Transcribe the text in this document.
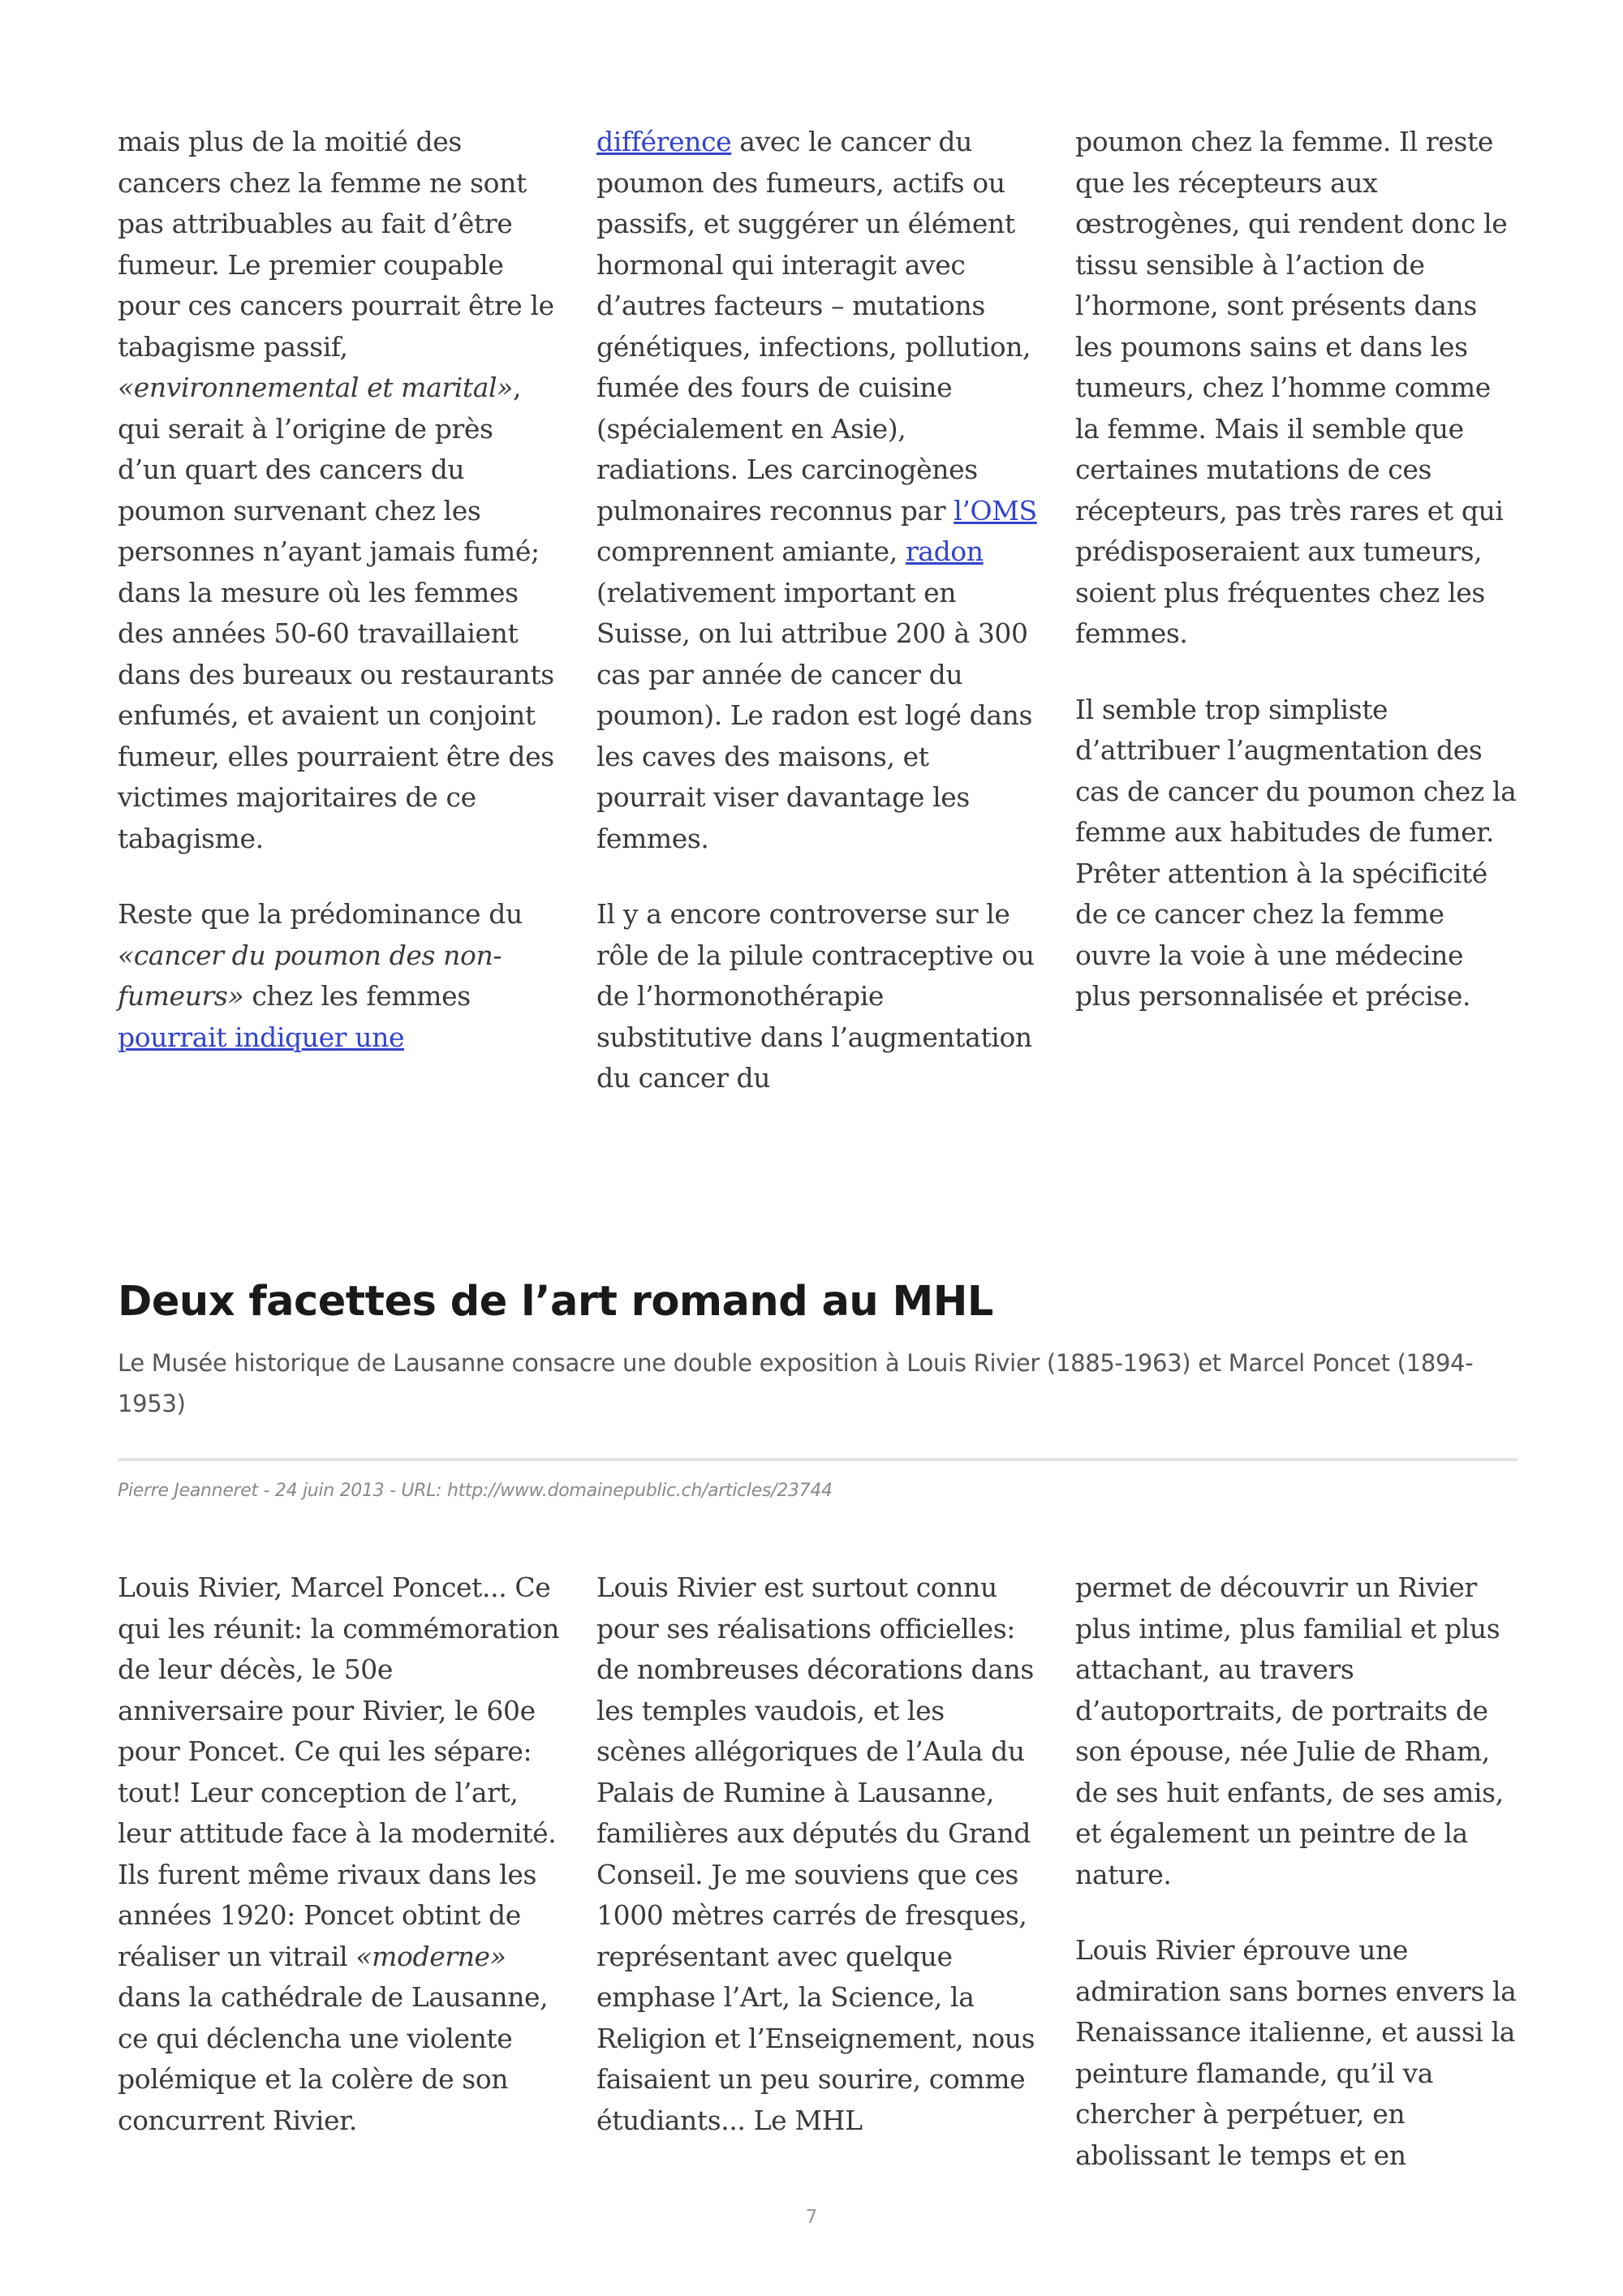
mais plus de la moitié des cancers chez la femme ne sont pas attribuables au fait d’être fumeur. Le premier coupable pour ces cancers pourrait être le tabagisme passif, «environnemental et marital», qui serait à l’origine de près d’un quart des cancers du poumon survenant chez les personnes n’ayant jamais fumé; dans la mesure où les femmes des années 50-60 travaillaient dans des bureaux ou restaurants enfumés, et avaient un conjoint fumeur, elles pourraient être des victimes majoritaires de ce tabagisme.

Reste que la prédominance du «cancer du poumon des non-fumeurs» chez les femmes pourrait indiquer une

différence avec le cancer du poumon des fumeurs, actifs ou passifs, et suggérer un élément hormonal qui interagit avec d’autres facteurs – mutations génétiques, infections, pollution, fumée des fours de cuisine (spécialement en Asie), radiations. Les carcinogènes pulmonaires reconnus par l’OMS comprennent amiante, radon (relativement important en Suisse, on lui attribue 200 à 300 cas par année de cancer du poumon). Le radon est logé dans les caves des maisons, et pourrait viser davantage les femmes.

Il y a encore controverse sur le rôle de la pilule contraceptive ou de l’hormonothérapie substitutive dans l’augmentation du cancer du

poumon chez la femme. Il reste que les récepteurs aux œstrogènes, qui rendent donc le tissu sensible à l’action de l’hormone, sont présents dans les poumons sains et dans les tumeurs, chez l’homme comme la femme. Mais il semble que certaines mutations de ces récepteurs, pas très rares et qui prédisposeraient aux tumeurs, soient plus fréquentes chez les femmes.

Il semble trop simpliste d’attribuer l’augmentation des cas de cancer du poumon chez la femme aux habitudes de fumer. Prêter attention à la spécificité de ce cancer chez la femme ouvre la voie à une médecine plus personnalisée et précise.

Deux facettes de l’art romand au MHL
Le Musée historique de Lausanne consacre une double exposition à Louis Rivier (1885-1963) et Marcel Poncet (1894-1953)
Pierre Jeanneret - 24 juin 2013 - URL: http://www.domainepublic.ch/articles/23744

Louis Rivier, Marcel Poncet... Ce qui les réunit: la commémoration de leur décès, le 50e anniversaire pour Rivier, le 60e pour Poncet. Ce qui les sépare: tout! Leur conception de l’art, leur attitude face à la modernité. Ils furent même rivaux dans les années 1920: Poncet obtint de réaliser un vitrail «moderne» dans la cathédrale de Lausanne, ce qui déclencha une violente polémique et la colère de son concurrent Rivier.

Louis Rivier est surtout connu pour ses réalisations officielles: de nombreuses décorations dans les temples vaudois, et les scènes allégoriques de l’Aula du Palais de Rumine à Lausanne, familières aux députés du Grand Conseil. Je me souviens que ces 1000 mètres carrés de fresques, représentant avec quelque emphase l’Art, la Science, la Religion et l’Enseignement, nous faisaient un peu sourire, comme étudiants... Le MHL

permet de découvrir un Rivier plus intime, plus familial et plus attachant, au travers d’autoportraits, de portraits de son épouse, née Julie de Rham, de ses huit enfants, de ses amis, et également un peintre de la nature.

Louis Rivier éprouve une admiration sans bornes envers la Renaissance italienne, et aussi la peinture flamande, qu’il va chercher à perpétuer, en abolissant le temps et en

7
